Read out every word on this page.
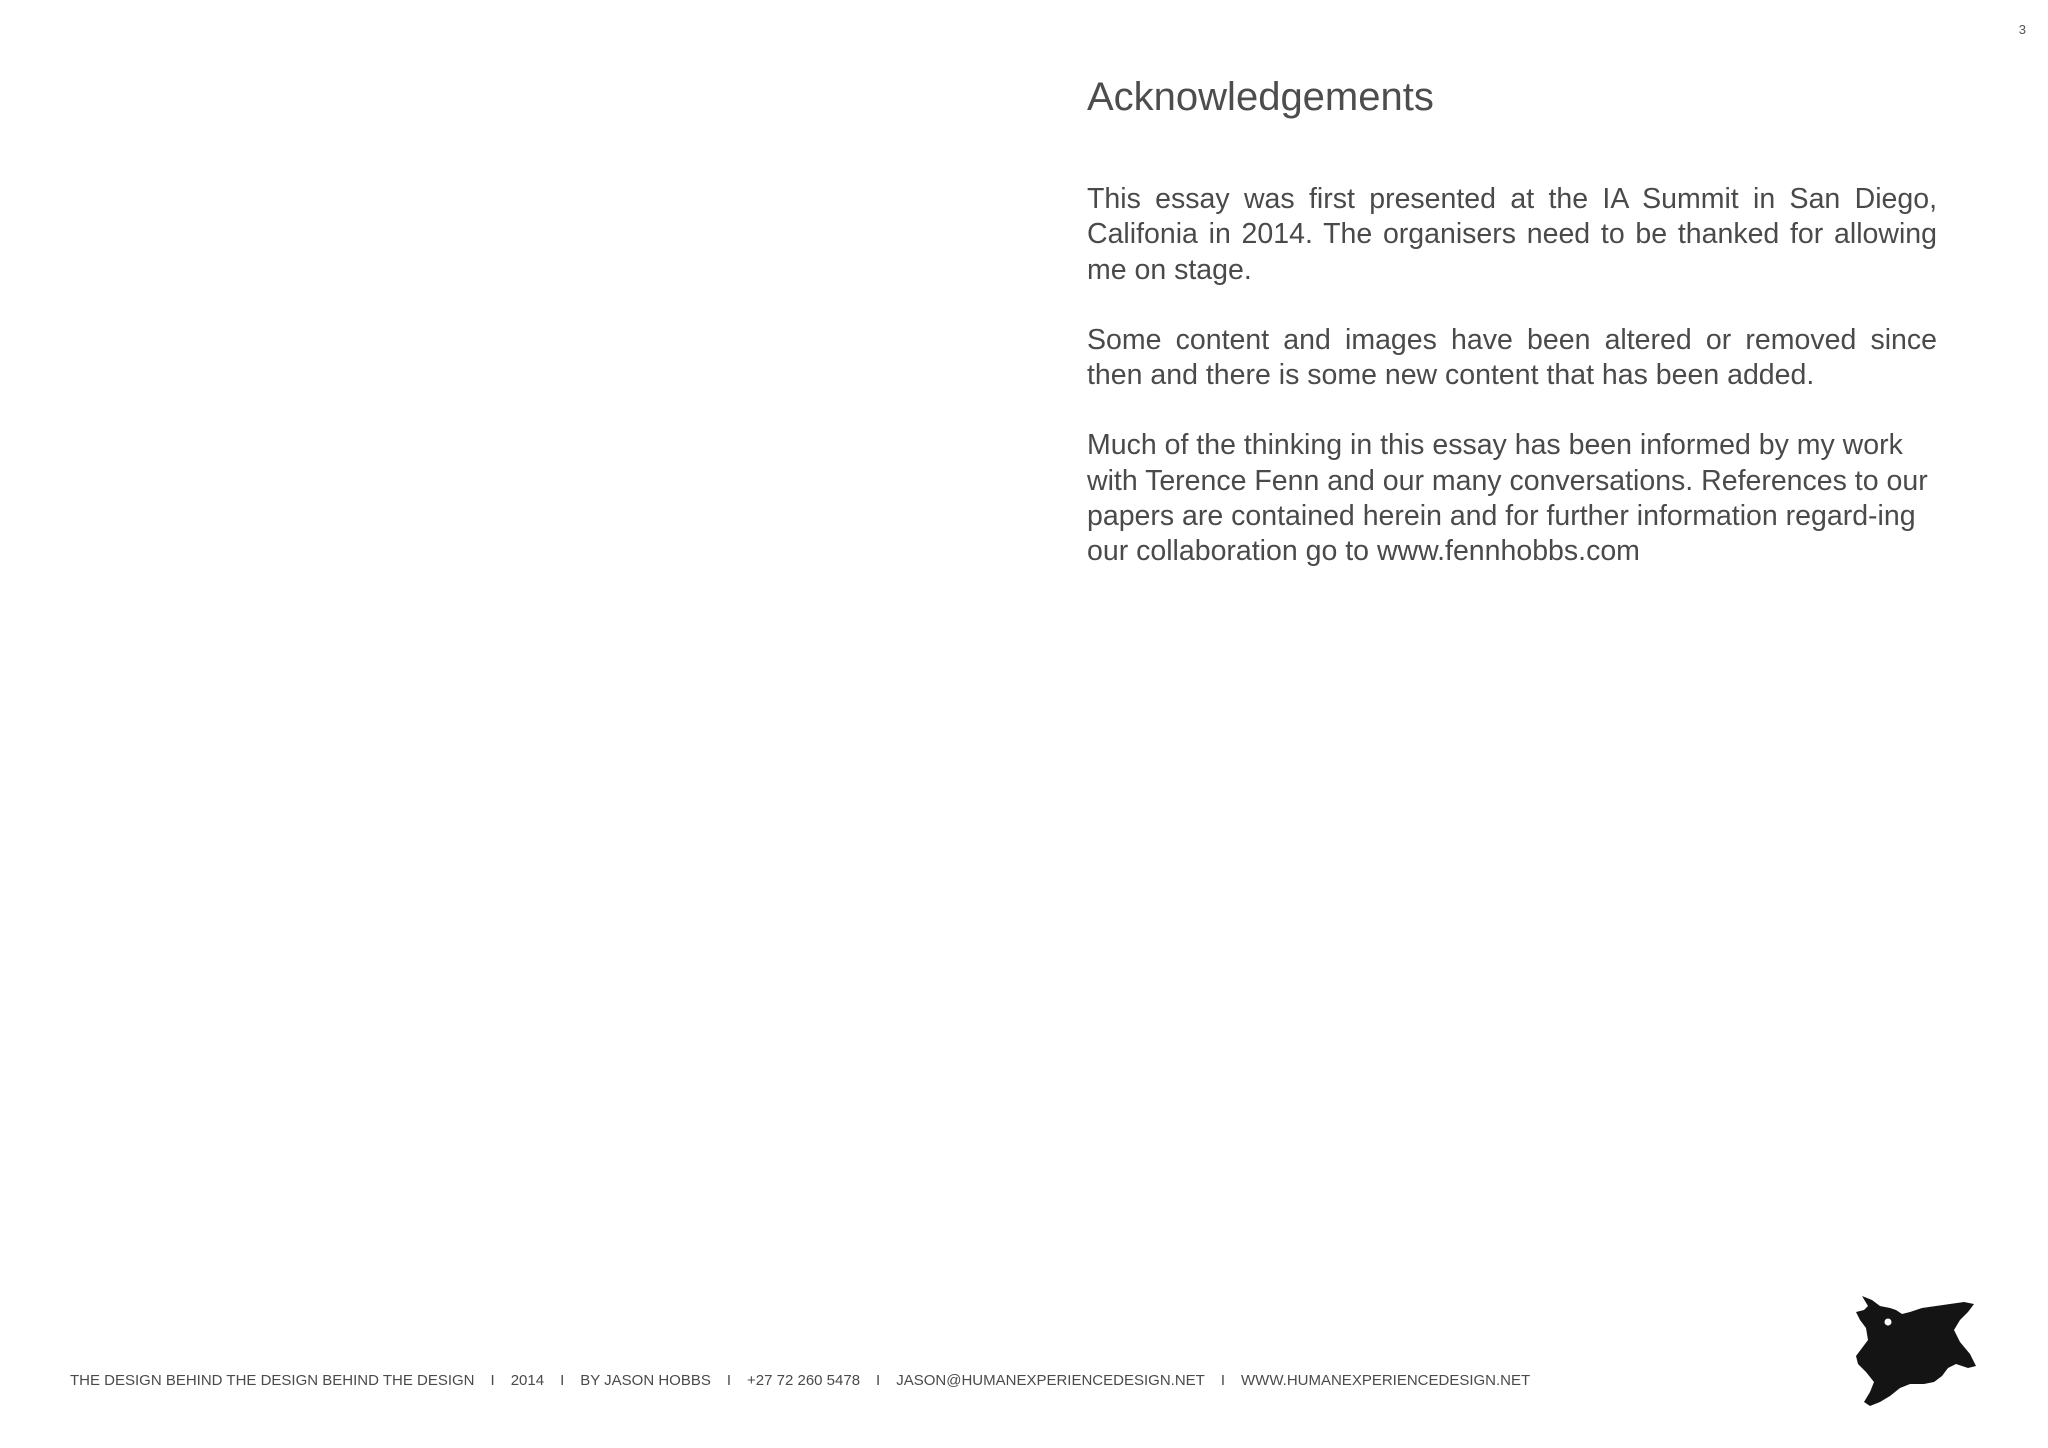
3
Acknowledgements

This essay was first presented at the IA Summit in San Diego, Califonia in 2014. The organisers need to be thanked for allowing me on stage.

Some content and images have been altered or removed since then and there is some new content that has been added.

Much of the thinking in this essay has been informed by my work with Terence Fenn and our many conversations. References to our papers are contained herein and for further information regard-ing our collaboration go to www.fennhobbs.com

THE DESIGN BEHIND THE DESIGN BEHIND THE DESIGN I 2014 I BY JASON HOBBS I +27 72 260 5478 I JASON@HUMANEXPERIENCEDESIGN.NET I WWW.HUMANEXPERIENCEDESIGN.NET
